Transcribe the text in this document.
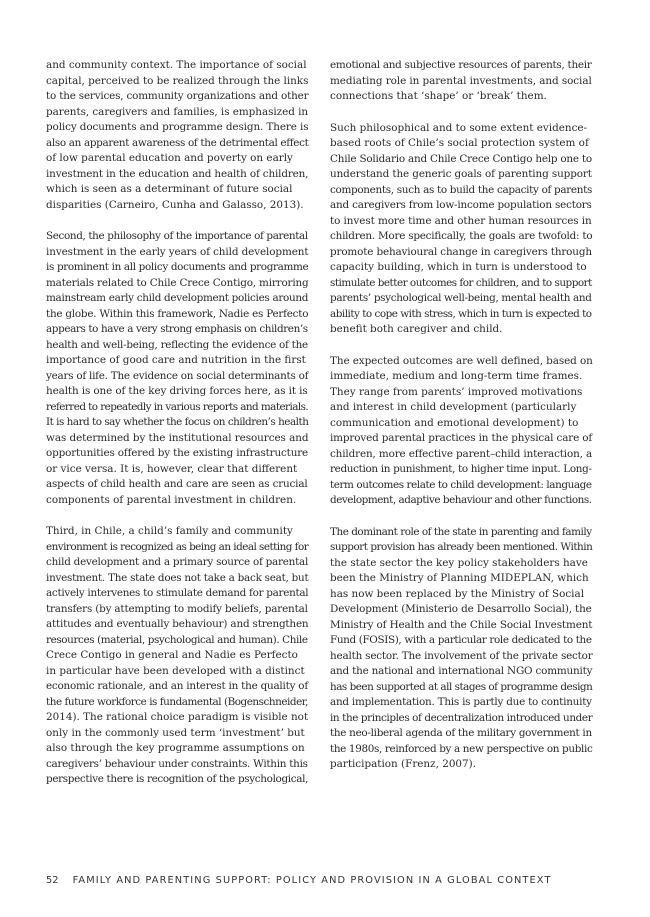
and community context. The importance of social
capital, perceived to be realized through the links
to the services, community organizations and other
parents, caregivers and families, is emphasized in
policy documents and programme design. There is
also an apparent awareness of the detrimental effect
of low parental education and poverty on early
investment in the education and health of children,
which is seen as a determinant of future social
disparities (Carneiro, Cunha and Galasso, 2013).

Second, the philosophy of the importance of parental
investment in the early years of child development
is prominent in all policy documents and programme
materials related to Chile Crece Contigo, mirroring
mainstream early child development policies around
the globe. Within this framework, Nadie es Perfecto
appears to have a very strong emphasis on children’s
health and well-being, reflecting the evidence of the
importance of good care and nutrition in the first
years of life. The evidence on social determinants of
health is one of the key driving forces here, as it is
referred to repeatedly in various reports and materials.
It is hard to say whether the focus on children’s health
was determined by the institutional resources and
opportunities offered by the existing infrastructure
or vice versa. It is, however, clear that different
aspects of child health and care are seen as crucial
components of parental investment in children.

Third, in Chile, a child’s family and community
environment is recognized as being an ideal setting for
child development and a primary source of parental
investment. The state does not take a back seat, but
actively intervenes to stimulate demand for parental
transfers (by attempting to modify beliefs, parental
attitudes and eventually behaviour) and strengthen
resources (material, psychological and human). Chile
Crece Contigo in general and Nadie es Perfecto
in particular have been developed with a distinct
economic rationale, and an interest in the quality of
the future workforce is fundamental (Bogenschneider,
2014). The rational choice paradigm is visible not
only in the commonly used term ‘investment’ but
also through the key programme assumptions on
caregivers’ behaviour under constraints. Within this
perspective there is recognition of the psychological,

emotional and subjective resources of parents, their
mediating role in parental investments, and social
connections that ‘shape’ or ‘break’ them.

Such philosophical and to some extent evidence-
based roots of Chile’s social protection system of
Chile Solidario and Chile Crece Contigo help one to
understand the generic goals of parenting support
components, such as to build the capacity of parents
and caregivers from low-income population sectors
to invest more time and other human resources in
children. More specifically, the goals are twofold: to
promote behavioural change in caregivers through
capacity building, which in turn is understood to
stimulate better outcomes for children, and to support
parents’ psychological well-being, mental health and
ability to cope with stress, which in turn is expected to
benefit both caregiver and child.

The expected outcomes are well defined, based on
immediate, medium and long-term time frames.
They range from parents’ improved motivations
and interest in child development (particularly
communication and emotional development) to
improved parental practices in the physical care of
children, more effective parent–child interaction, a
reduction in punishment, to higher time input. Long-
term outcomes relate to child development: language
development, adaptive behaviour and other functions.

The dominant role of the state in parenting and family
support provision has already been mentioned. Within
the state sector the key policy stakeholders have
been the Ministry of Planning MIDEPLAN, which
has now been replaced by the Ministry of Social
Development (Ministerio de Desarrollo Social), the
Ministry of Health and the Chile Social Investment
Fund (FOSIS), with a particular role dedicated to the
health sector. The involvement of the private sector
and the national and international NGO community
has been supported at all stages of programme design
and implementation. This is partly due to continuity
in the principles of decentralization introduced under
the neo-liberal agenda of the military government in
the 1980s, reinforced by a new perspective on public
participation (Frenz, 2007).

52 FAMILY AND PARENTING SUPPORT: POLICY AND PROVISION IN A GLOBAL CONTEXT
